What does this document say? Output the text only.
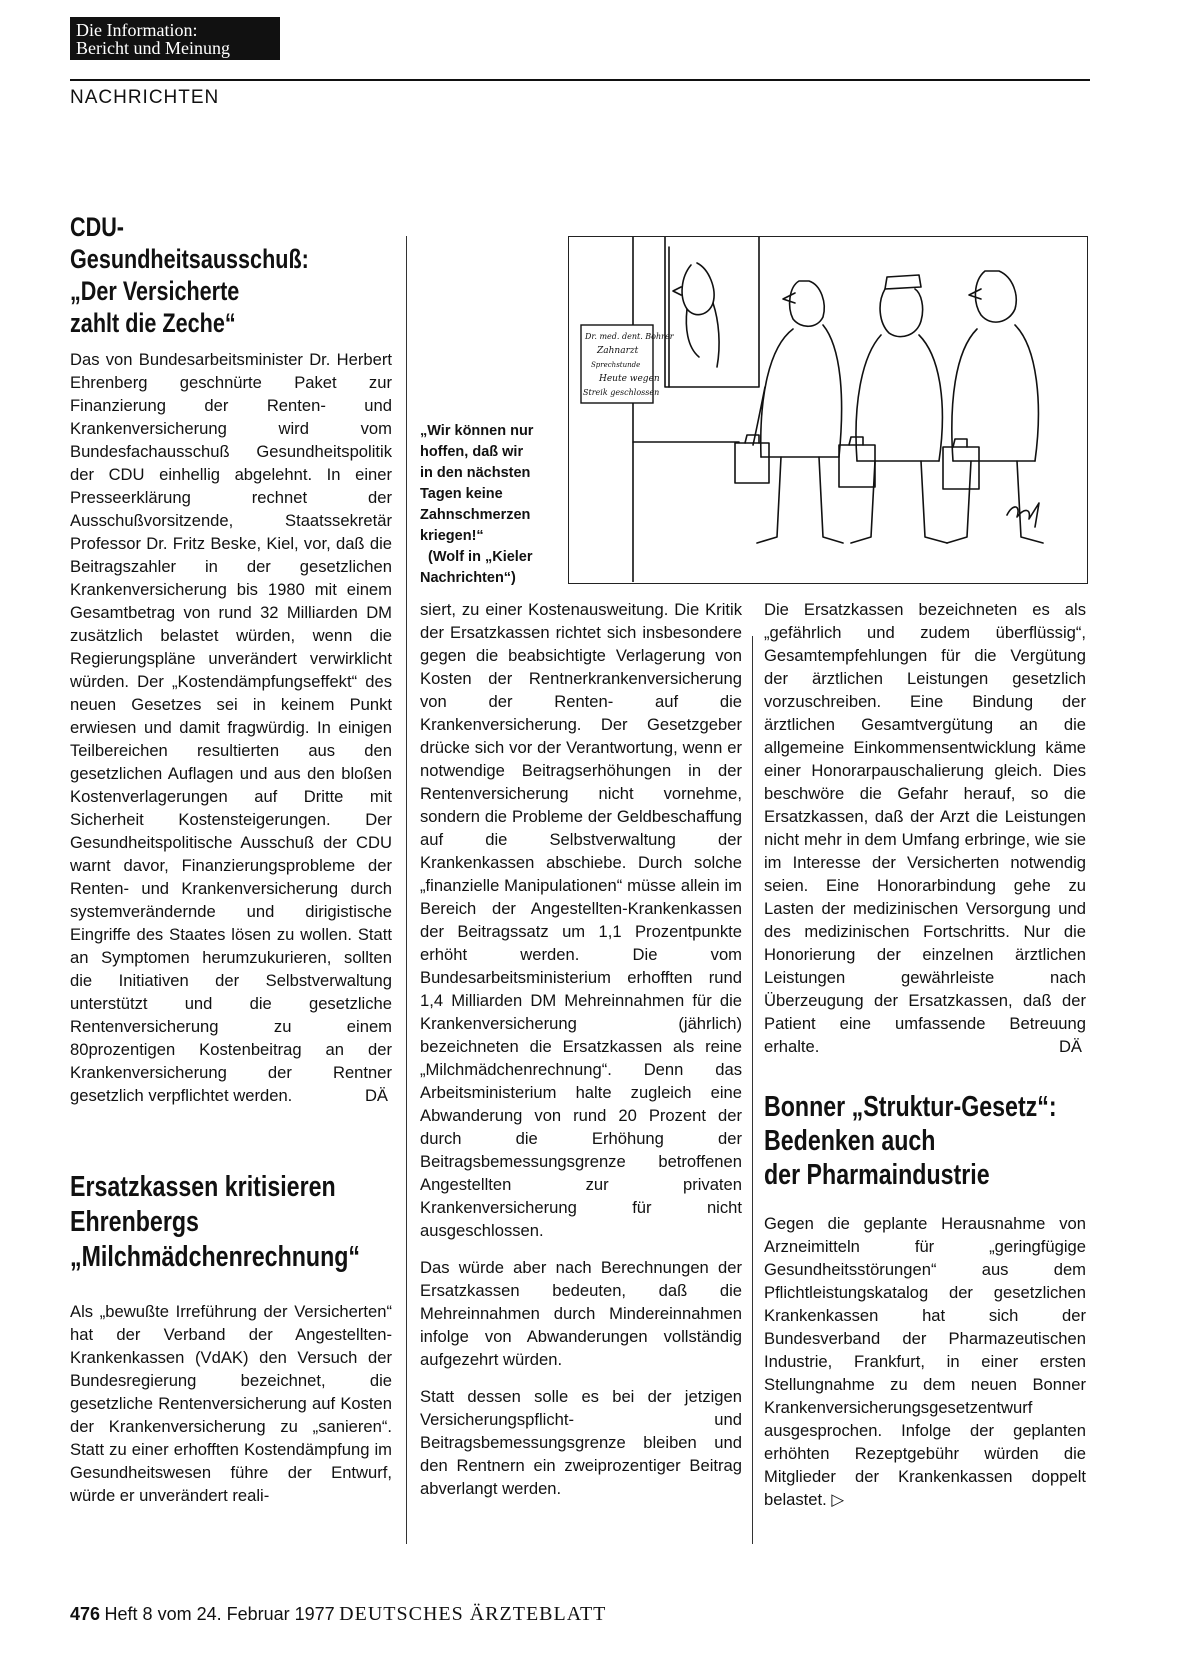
Die Information:
Bericht und Meinung
NACHRICHTEN
CDU-
Gesundheitsausschuß:
„Der Versicherte
zahlt die Zeche“

Das von Bundesarbeitsminister Dr. Herbert Ehrenberg geschnürte Paket zur Finanzierung der Renten- und Krankenversicherung wird vom Bundesfachausschuß Gesundheitspolitik der CDU einhellig abgelehnt. In einer Presseerklärung rechnet der Ausschußvorsitzende, Staatssekretär Professor Dr. Fritz Beske, Kiel, vor, daß die Beitragszahler in der gesetzlichen Krankenversicherung bis 1980 mit einem Gesamtbetrag von rund 32 Milliarden DM zusätzlich belastet würden, wenn die Regierungspläne unverändert verwirklicht würden. Der „Kostendämpfungseffekt“ des neuen Gesetzes sei in keinem Punkt erwiesen und damit fragwürdig. In einigen Teilbereichen resultierten aus den gesetzlichen Auflagen und aus den bloßen Kostenverlagerungen auf Dritte mit Sicherheit Kostensteigerungen. Der Gesundheitspolitische Ausschuß der CDU warnt davor, Finanzierungsprobleme der Renten- und Krankenversicherung durch systemverändernde und dirigistische Eingriffe des Staates lösen zu wollen. Statt an Symptomen herumzukurieren, sollten die Initiativen der Selbstverwaltung unterstützt und die gesetzliche Rentenversicherung zu einem 80prozentigen Kostenbeitrag an der Krankenversicherung der Rentner gesetzlich verpflichtet werden.	DÄ
Ersatzkassen kritisieren
Ehrenbergs
„Milchmädchenrechnung“

Als „bewußte Irreführung der Versicherten“ hat der Verband der Angestellten-Krankenkassen (VdAK) den Versuch der Bundesregierung bezeichnet, die gesetzliche Rentenversicherung auf Kosten der Krankenversicherung zu „sanieren“. Statt zu einer erhofften Kostendämpfung im Gesundheitswesen führe der Entwurf, würde er unverändert reali-

„Wir können nur
hoffen, daß wir
in den nächsten
Tagen keine
Zahnschmerzen
kriegen!“
(Wolf in „Kieler
Nachrichten“)
Dr. med. dent. Bohrer
Zahnarzt
Sprechstunde
Heute wegen
Streik geschlossen

siert, zu einer Kostenausweitung. Die Kritik der Ersatzkassen richtet sich insbesondere gegen die beabsichtigte Verlagerung von Kosten der Rentnerkrankenversicherung von der Renten- auf die Krankenversicherung. Der Gesetzgeber drücke sich vor der Verantwortung, wenn er notwendige Beitragserhöhungen in der Rentenversicherung nicht vornehme, sondern die Probleme der Geldbeschaffung auf die Selbstverwaltung der Krankenkassen abschiebe. Durch solche „finanzielle Manipulationen“ müsse allein im Bereich der Angestellten-Krankenkassen der Beitragssatz um 1,1 Prozentpunkte erhöht werden. Die vom Bundesarbeitsministerium erhofften rund 1,4 Milliarden DM Mehreinnahmen für die Krankenversicherung (jährlich) bezeichneten die Ersatzkassen als reine „Milchmädchenrechnung“. Denn das Arbeitsministerium halte zugleich eine Abwanderung von rund 20 Prozent der durch die Erhöhung der Beitragsbemessungsgrenze betroffenen Angestellten zur privaten Krankenversicherung für nicht ausgeschlossen.

Das würde aber nach Berechnungen der Ersatzkassen bedeuten, daß die Mehreinnahmen durch Mindereinnahmen infolge von Abwanderungen vollständig aufgezehrt würden.

Statt dessen solle es bei der jetzigen Versicherungspflicht- und Beitragsbemessungsgrenze bleiben und den Rentnern ein zweiprozentiger Beitrag abverlangt werden.

Die Ersatzkassen bezeichneten es als „gefährlich und zudem überflüssig“, Gesamtempfehlungen für die Vergütung der ärztlichen Leistungen gesetzlich vorzuschreiben. Eine Bindung der ärztlichen Gesamtvergütung an die allgemeine Einkommensentwicklung käme einer Honorarpauschalierung gleich. Dies beschwöre die Gefahr herauf, so die Ersatzkassen, daß der Arzt die Leistungen nicht mehr in dem Umfang erbringe, wie sie im Interesse der Versicherten notwendig seien. Eine Honorarbindung gehe zu Lasten der medizinischen Versorgung und des medizinischen Fortschritts. Nur die Honorierung der einzelnen ärztlichen Leistungen gewährleiste nach Überzeugung der Ersatzkassen, daß der Patient eine umfassende Betreuung erhalte.	DÄ
Bonner „Struktur-Gesetz“:
Bedenken auch
der Pharmaindustrie

Gegen die geplante Herausnahme von Arzneimitteln für „geringfügige Gesundheitsstörungen“ aus dem Pflichtleistungskatalog der gesetzlichen Krankenkassen hat sich der Bundesverband der Pharmazeutischen Industrie, Frankfurt, in einer ersten Stellungnahme zu dem neuen Bonner Krankenversicherungsgesetzentwurf ausgesprochen. Infolge der geplanten erhöhten Rezeptgebühr würden die Mitglieder der Krankenkassen doppelt belastet. ▷

476 Heft 8 vom 24. Februar 1977 DEUTSCHES ÄRZTEBLATT
